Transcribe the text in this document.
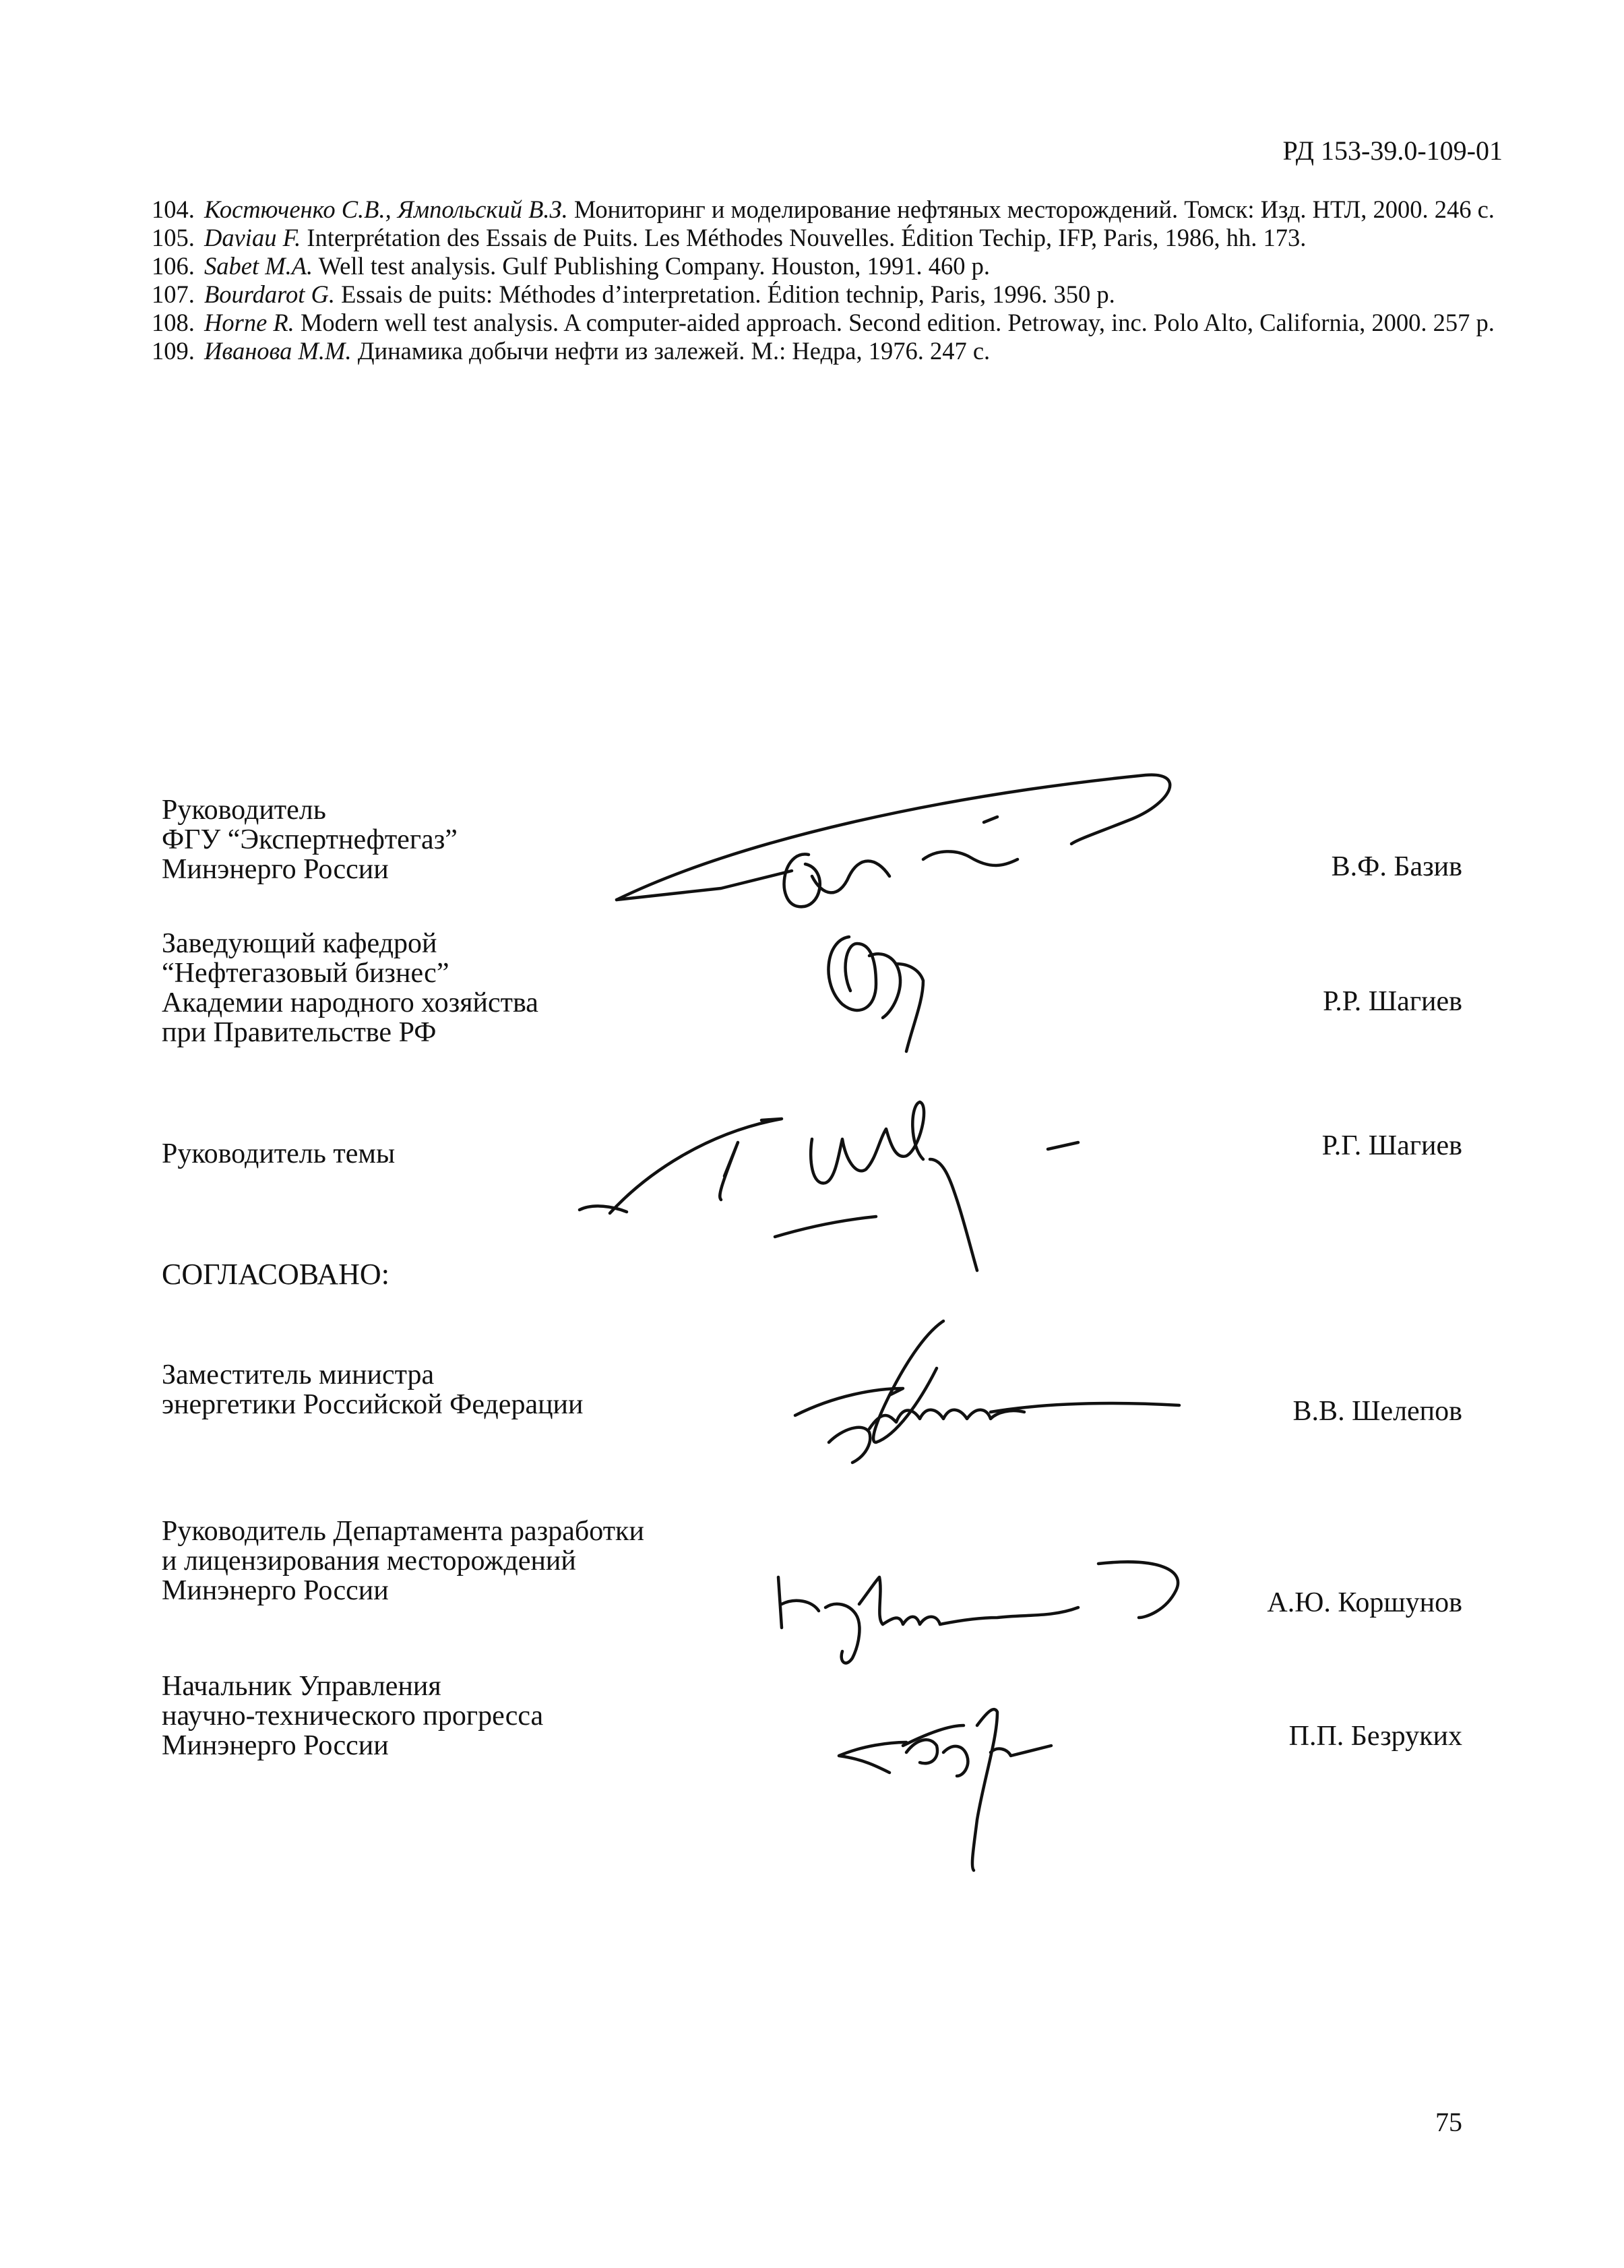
РД 153-39.0-109-01
104. Костюченко С.В., Ямпольский В.З. Мониторинг и моделирование нефтяных месторождений. Томск: Изд. НТЛ, 2000. 246 с.
105. Daviau F. Interprétation des Essais de Puits. Les Méthodes Nouvelles. Édition Techip, IFP, Paris, 1986, hh. 173.
106. Sabet M.A. Well test analysis. Gulf Publishing Company. Houston, 1991. 460 p.
107. Bourdarot G. Essais de puits: Méthodes d’interpretation. Édition technip, Paris, 1996. 350 p.
108. Horne R. Modern well test analysis. A computer-aided approach. Second edition. Petroway, inc. Polo Alto, California, 2000. 257 p.
109. Иванова М.М. Динамика добычи нефти из залежей. М.: Недра, 1976. 247 с.
Руководитель
ФГУ “Экспертнефтегаз”
Минэнерго России	В.Ф. Базив
Заведующий кафедрой
“Нефтегазовый бизнес”
Академии народного хозяйства
при Правительстве РФ
Р.Р. Шагиев
Руководитель темы	Р.Г. Шагиев
СОГЛАСОВАНО:
Заместитель министра
энергетики Российской Федерации	В.В. Шелепов
Руководитель Департамента разработки
и лицензирования месторождений
Минэнерго России	А.Ю. Коршунов
Начальник Управления
научно-технического прогресса
Минэнерго России	П.П. Безруких
75
